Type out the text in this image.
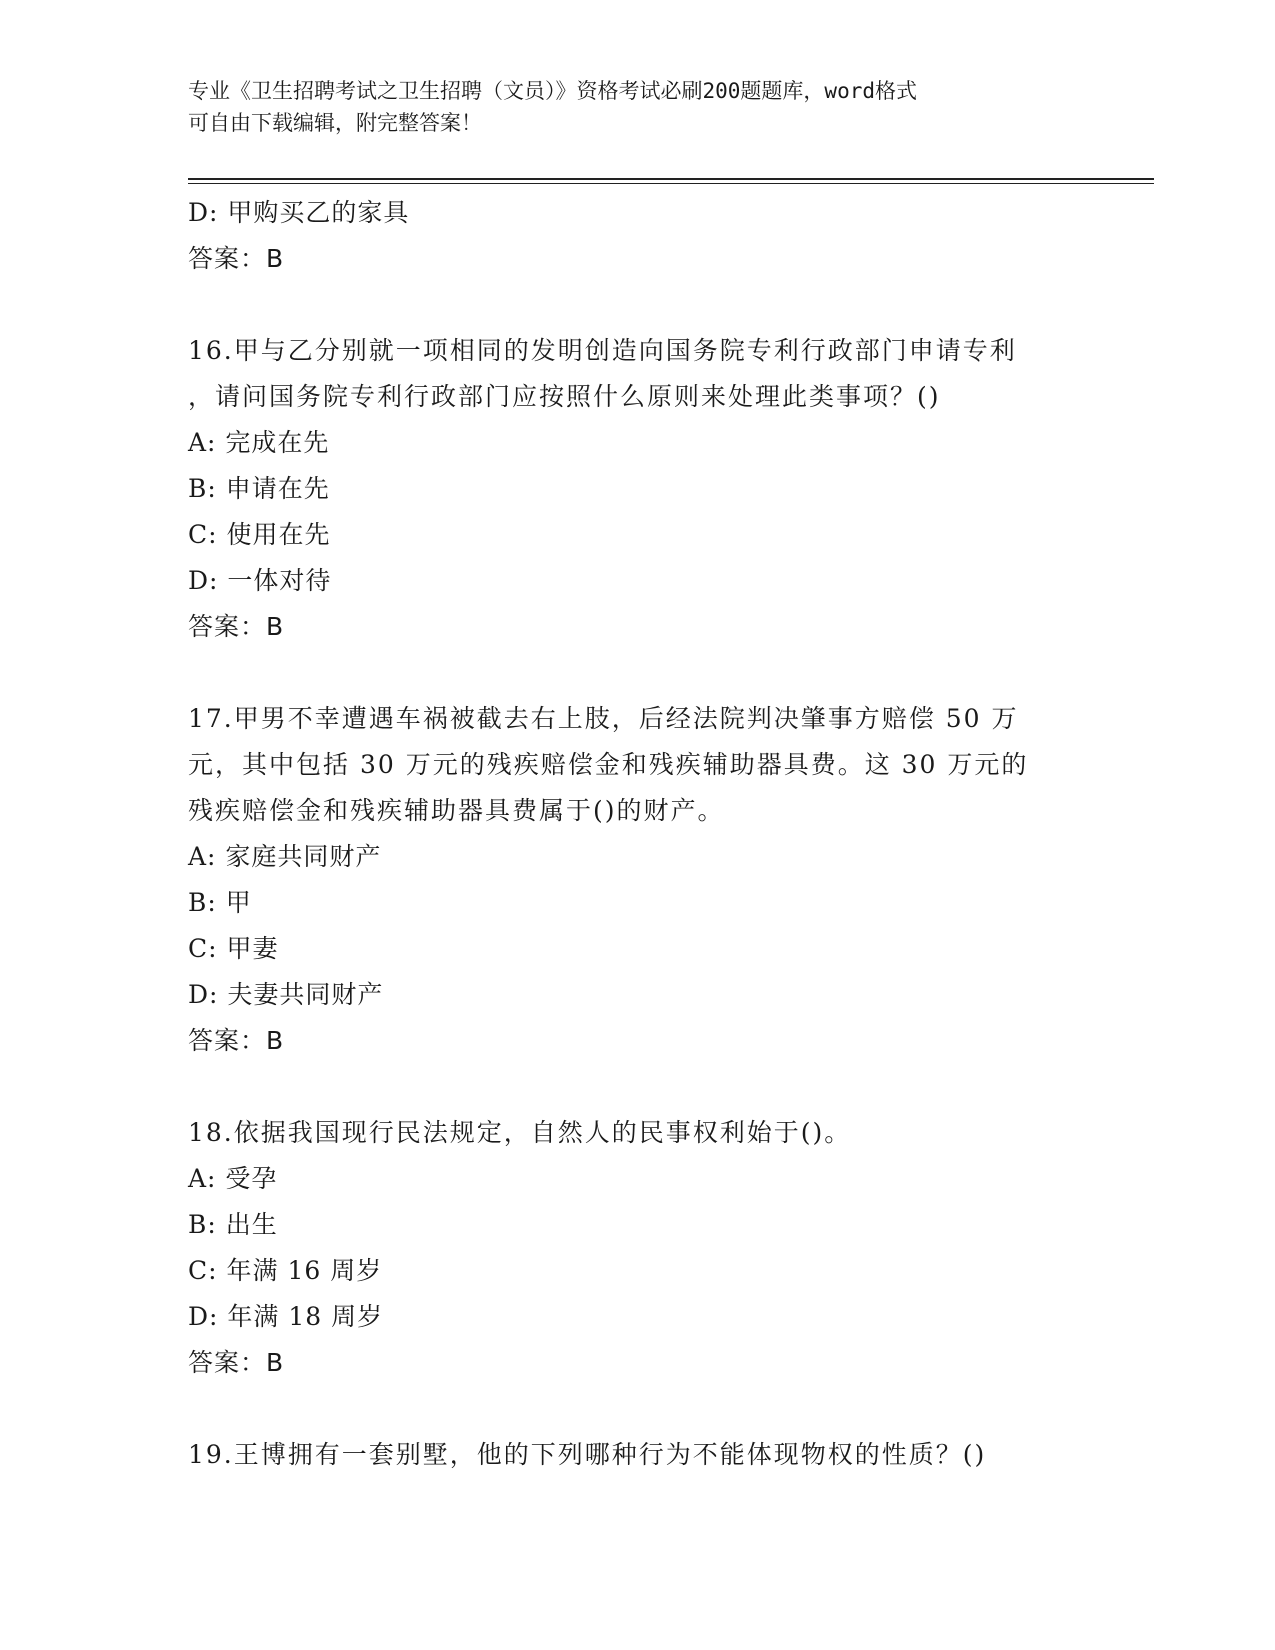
专业《卫生招聘考试之卫生招聘（文员）》资格考试必刷200题题库，word格式
可自由下载编辑，附完整答案！
D: 甲购买乙的家具
答案：B
16.甲与乙分别就一项相同的发明创造向国务院专利行政部门申请专利
，请问国务院专利行政部门应按照什么原则来处理此类事项？()
A: 完成在先
B: 申请在先
C: 使用在先
D: 一体对待
答案：B
17.甲男不幸遭遇车祸被截去右上肢，后经法院判决肇事方赔偿 50 万
元，其中包括 30 万元的残疾赔偿金和残疾辅助器具费。这 30 万元的
残疾赔偿金和残疾辅助器具费属于()的财产。
A: 家庭共同财产
B: 甲
C: 甲妻
D: 夫妻共同财产
答案：B
18.依据我国现行民法规定，自然人的民事权利始于()。
A: 受孕
B: 出生
C: 年满 16 周岁
D: 年满 18 周岁
答案：B
19.王博拥有一套别墅，他的下列哪种行为不能体现物权的性质？()
